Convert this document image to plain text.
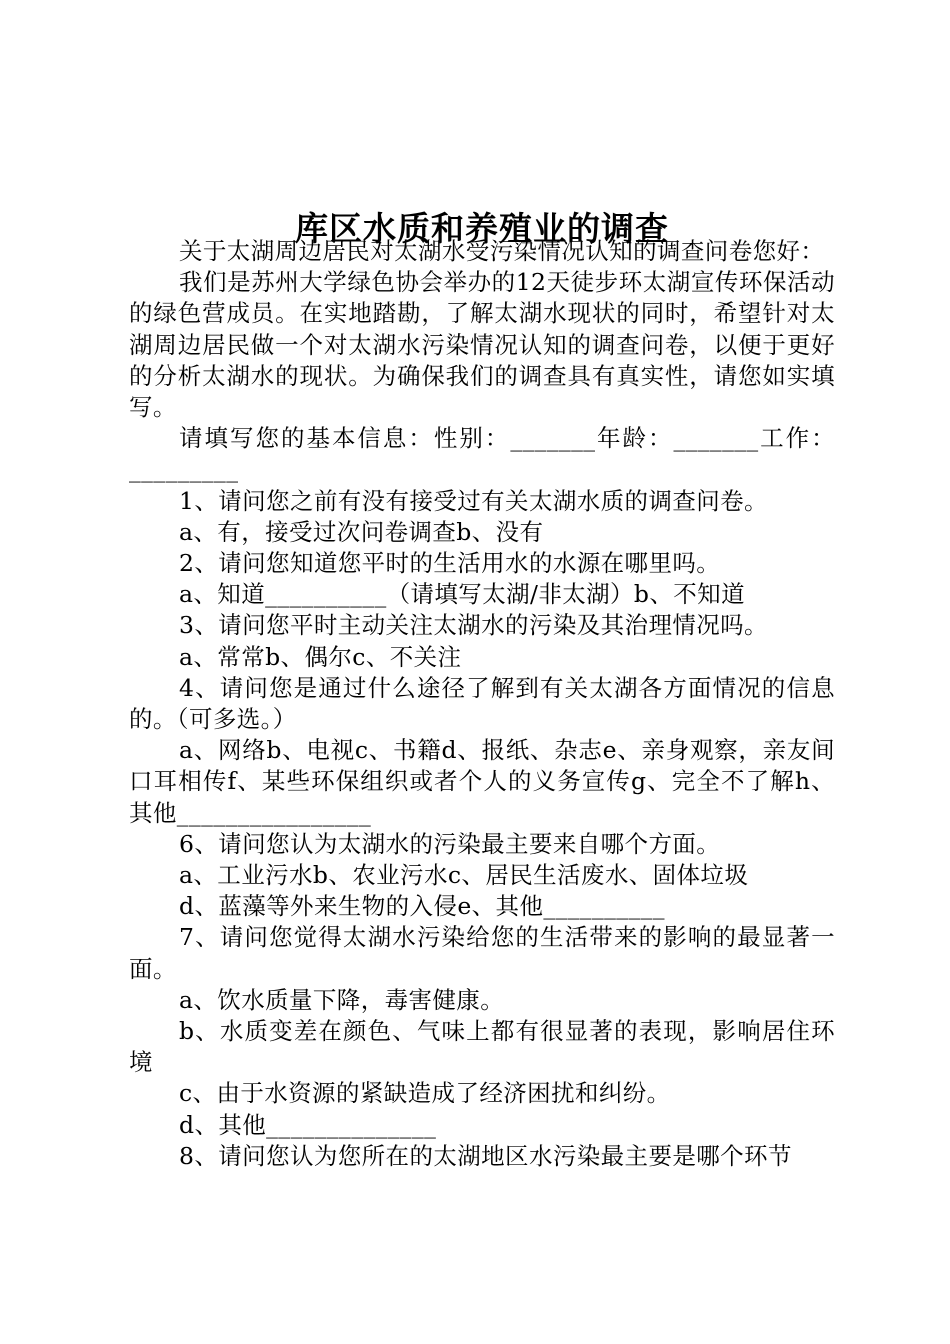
库区水质和养殖业的调查

关于太湖周边居民对太湖水受污染情况认知的调查问卷您好：

我们是苏州大学绿色协会举办的12天徒步环太湖宣传环保活动的绿色营成员。在实地踏勘，了解太湖水现状的同时，希望针对太湖周边居民做一个对太湖水污染情况认知的调查问卷，以便于更好的分析太湖水的现状。为确保我们的调查具有真实性，请您如实填写。

请填写您的基本信息：性别：_______年龄：_______工作：_________

1、请问您之前有没有接受过有关太湖水质的调查问卷。

a、有，接受过次问卷调查b、没有

2、请问您知道您平时的生活用水的水源在哪里吗。

a、知道__________（请填写太湖/非太湖）b、不知道

3、请问您平时主动关注太湖水的污染及其治理情况吗。

a、常常b、偶尔c、不关注

4、请问您是通过什么途径了解到有关太湖各方面情况的信息的。（可多选。）

a、网络b、电视c、书籍d、报纸、杂志e、亲身观察，亲友间口耳相传f、某些环保组织或者个人的义务宣传g、完全不了解h、其他________________

6、请问您认为太湖水的污染最主要来自哪个方面。

a、工业污水b、农业污水c、居民生活废水、固体垃圾

d、蓝藻等外来生物的入侵e、其他__________

7、请问您觉得太湖水污染给您的生活带来的影响的最显著一面。

a、饮水质量下降，毒害健康。

b、水质变差在颜色、气味上都有很显著的表现，影响居住环境

c、由于水资源的紧缺造成了经济困扰和纠纷。

d、其他______________

8、请问您认为您所在的太湖地区水污染最主要是哪个环节
